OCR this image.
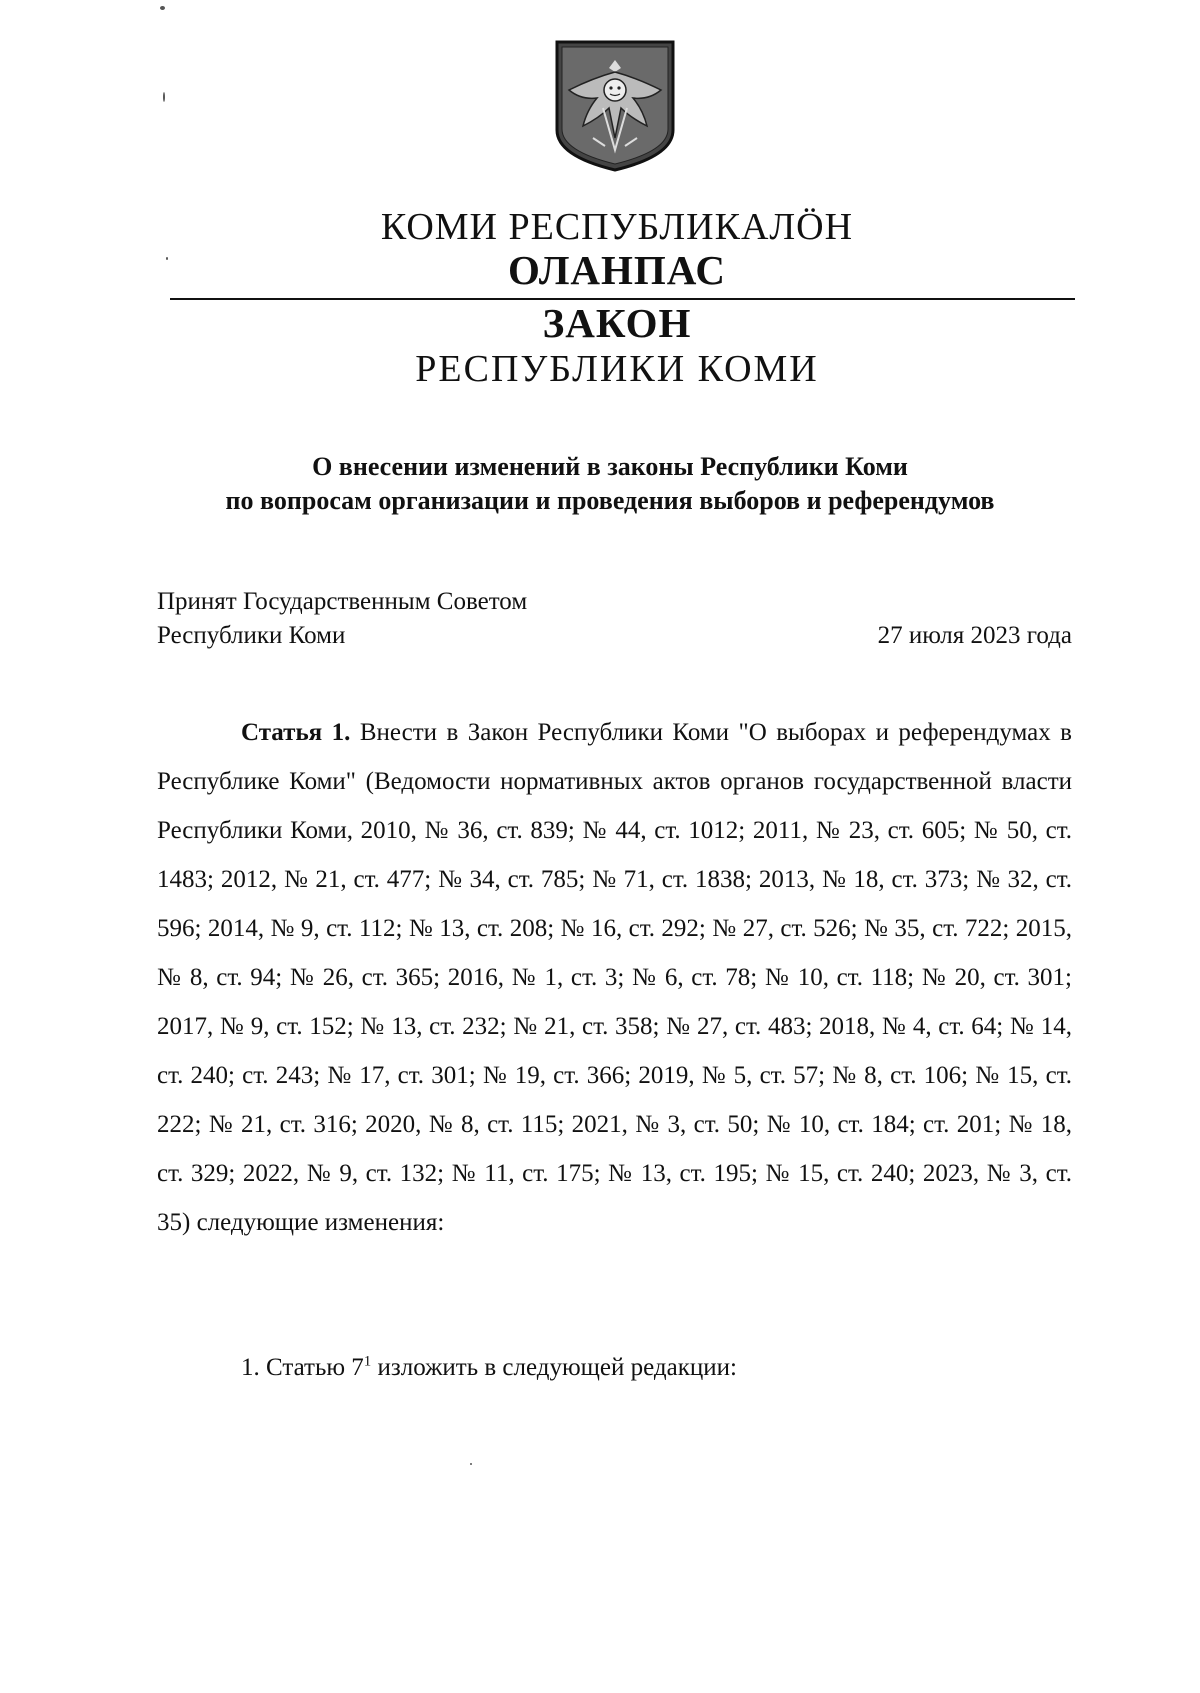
КОМИ РЕСПУБЛИКАЛÖН
ОЛАНПАС
ЗАКОН
РЕСПУБЛИКИ КОМИ
О внесении изменений в законы Республики Коми
по вопросам организации и проведения выборов и референдумов
Принят Государственным Советом
Республики Коми	27 июля 2023 года
Статья 1. Внести в Закон Республики Коми "О выборах и референдумах в Республике Коми" (Ведомости нормативных актов органов государственной власти Республики Коми, 2010, № 36, ст. 839; № 44, ст. 1012; 2011, № 23, ст. 605; № 50, ст. 1483; 2012, № 21, ст. 477; № 34, ст. 785; № 71, ст. 1838; 2013, № 18, ст. 373; № 32, ст. 596; 2014, № 9, ст. 112; № 13, ст. 208; № 16, ст. 292; № 27, ст. 526; № 35, ст. 722; 2015, № 8, ст. 94; № 26, ст. 365; 2016, № 1, ст. 3; № 6, ст. 78; № 10, ст. 118; № 20, ст. 301; 2017, № 9, ст. 152; № 13, ст. 232; № 21, ст. 358; № 27, ст. 483; 2018, № 4, ст. 64; № 14, ст. 240; ст. 243; № 17, ст. 301; № 19, ст. 366; 2019, № 5, ст. 57; № 8, ст. 106; № 15, ст. 222; № 21, ст. 316; 2020, № 8, ст. 115; 2021, № 3, ст. 50; № 10, ст. 184; ст. 201; № 18, ст. 329; 2022, № 9, ст. 132; № 11, ст. 175; № 13, ст. 195; № 15, ст. 240; 2023, № 3, ст. 35) следующие изменения:
1. Статью $7^1$ изложить в следующей редакции:
